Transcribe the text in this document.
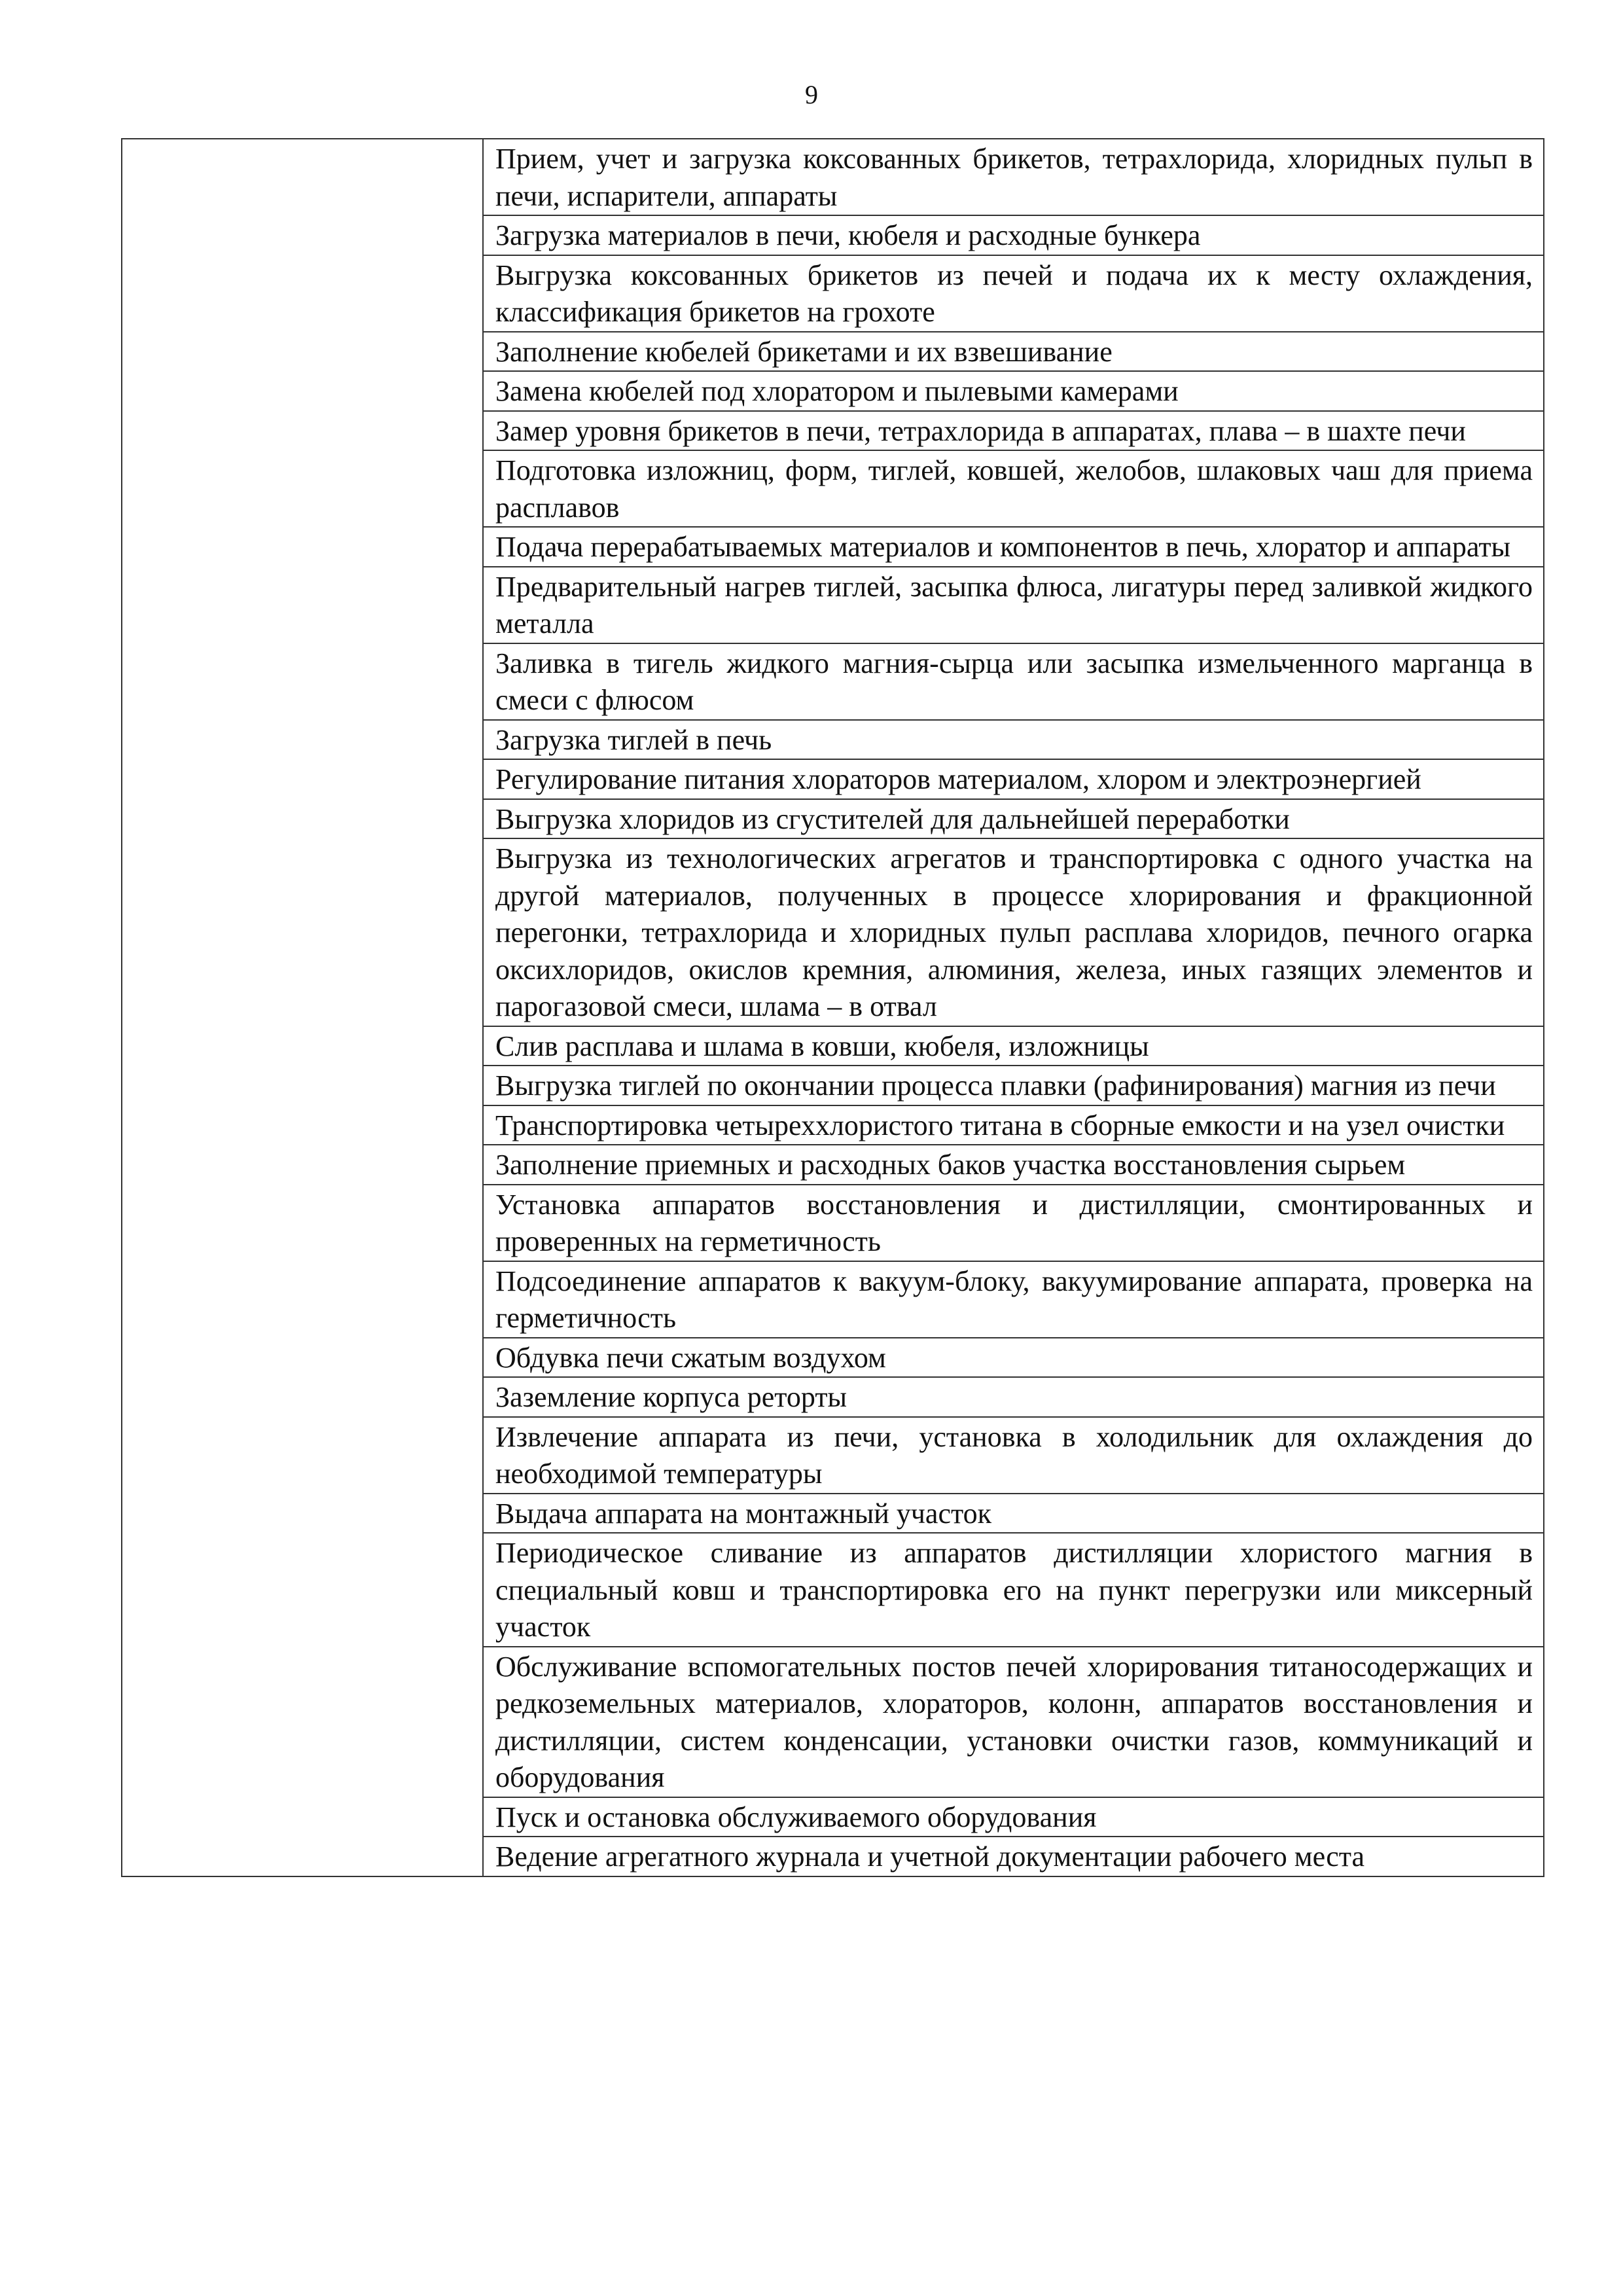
9

Прием, учет и загрузка коксованных брикетов, тетрахлорида, хлоридных пульп в печи, испарители, аппараты
Загрузка материалов в печи, кюбеля и расходные бункера
Выгрузка коксованных брикетов из печей и подача их к месту охлаждения, классификация брикетов на грохоте
Заполнение кюбелей брикетами и их взвешивание
Замена кюбелей под хлоратором и пылевыми камерами
Замер уровня брикетов в печи, тетрахлорида в аппаратах, плава – в шахте печи
Подготовка изложниц, форм, тиглей, ковшей, желобов, шлаковых чаш для приема расплавов
Подача перерабатываемых материалов и компонентов в печь, хлоратор и аппараты
Предварительный нагрев тиглей, засыпка флюса, лигатуры перед заливкой жидкого металла
Заливка в тигель жидкого магния-сырца или засыпка измельченного марганца в смеси с флюсом
Загрузка тиглей в печь
Регулирование питания хлораторов материалом, хлором и электроэнергией
Выгрузка хлоридов из сгустителей для дальнейшей переработки
Выгрузка из технологических агрегатов и транспортировка с одного участка на другой материалов, полученных в процессе хлорирования и фракционной перегонки, тетрахлорида и хлоридных пульп расплава хлоридов, печного огарка оксихлоридов, окислов кремния, алюминия, железа, иных газящих элементов и парогазовой смеси, шлама – в отвал
Слив расплава и шлама в ковши, кюбеля, изложницы
Выгрузка тиглей по окончании процесса плавки (рафинирования) магния из печи
Транспортировка четыреххлористого титана в сборные емкости и на узел очистки
Заполнение приемных и расходных баков участка восстановления сырьем
Установка аппаратов восстановления и дистилляции, смонтированных и проверенных на герметичность
Подсоединение аппаратов к вакуум-блоку, вакуумирование аппарата, проверка на герметичность
Обдувка печи сжатым воздухом
Заземление корпуса реторты
Извлечение аппарата из печи, установка в холодильник для охлаждения до необходимой температуры
Выдача аппарата на монтажный участок
Периодическое сливание из аппаратов дистилляции хлористого магния в специальный ковш и транспортировка его на пункт перегрузки или миксерный участок
Обслуживание вспомогательных постов печей хлорирования титаносодержащих и редкоземельных материалов, хлораторов, колонн, аппаратов восстановления и дистилляции, систем конденсации, установки очистки газов, коммуникаций и оборудования
Пуск и остановка обслуживаемого оборудования
Ведение агрегатного журнала и учетной документации рабочего места
